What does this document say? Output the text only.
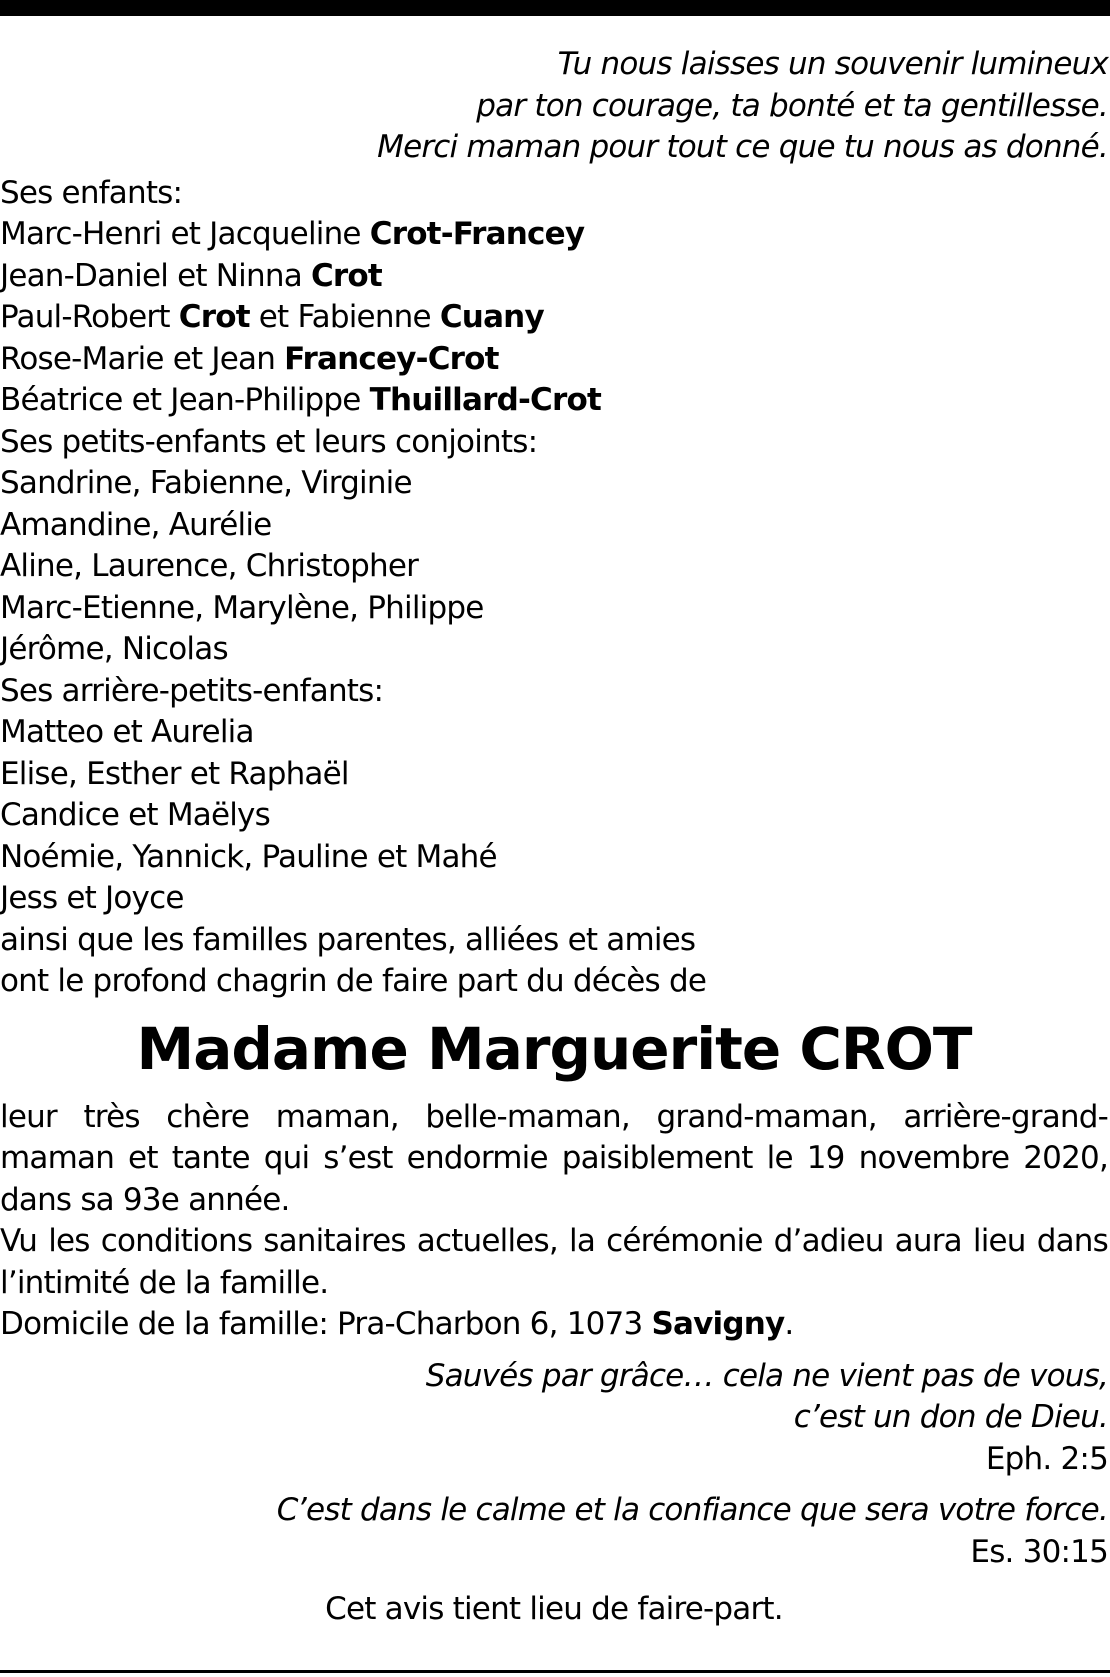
Tu nous laisses un souvenir lumineux
par ton courage, ta bonté et ta gentillesse.
Merci maman pour tout ce que tu nous as donné.
Ses enfants:
Marc-Henri et Jacqueline Crot-Francey
Jean-Daniel et Ninna Crot
Paul-Robert Crot et Fabienne Cuany
Rose-Marie et Jean Francey-Crot
Béatrice et Jean-Philippe Thuillard-Crot
Ses petits-enfants et leurs conjoints:
Sandrine, Fabienne, Virginie
Amandine, Aurélie
Aline, Laurence, Christopher
Marc-Etienne, Marylène, Philippe
Jérôme, Nicolas
Ses arrière-petits-enfants:
Matteo et Aurelia
Elise, Esther et Raphaël
Candice et Maëlys
Noémie, Yannick, Pauline et Mahé
Jess et Joyce
ainsi que les familles parentes, alliées et amies
ont le profond chagrin de faire part du décès de
Madame Marguerite CROT
leur très chère maman, belle-maman, grand-maman, arrière-grand-maman et tante qui s’est endormie paisiblement le 19 novembre 2020, dans sa 93e année.
Vu les conditions sanitaires actuelles, la cérémonie d’adieu aura lieu dans l’intimité de la famille.
Domicile de la famille: Pra-Charbon 6, 1073 Savigny.
Sauvés par grâce… cela ne vient pas de vous,
c’est un don de Dieu.
Eph. 2:5
C’est dans le calme et la confiance que sera votre force.
Es. 30:15
Cet avis tient lieu de faire-part.
